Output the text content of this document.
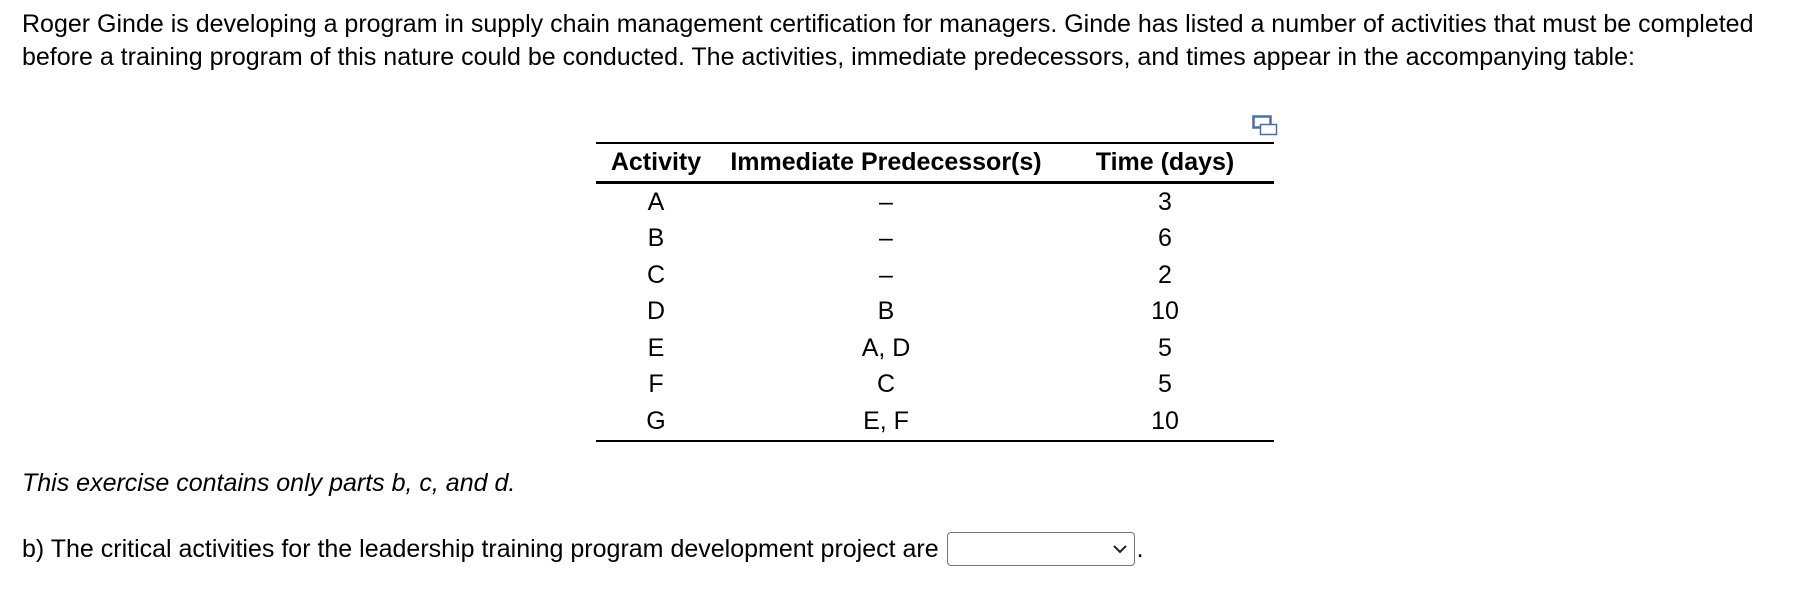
Roger Ginde is developing a program in supply chain management certification for managers. Ginde has listed a number of activities that must be completed before a training program of this nature could be conducted. The activities, immediate predecessors, and times appear in the accompanying table:

Activity	Immediate Predecessor(s)	Time (days)
A	–	3
B	–	6
C	–	2
D	B	10
E	A, D	5
F	C	5
G	E, F	10

This exercise contains only parts b, c, and d.

b) The critical activities for the leadership training program development project are	.
